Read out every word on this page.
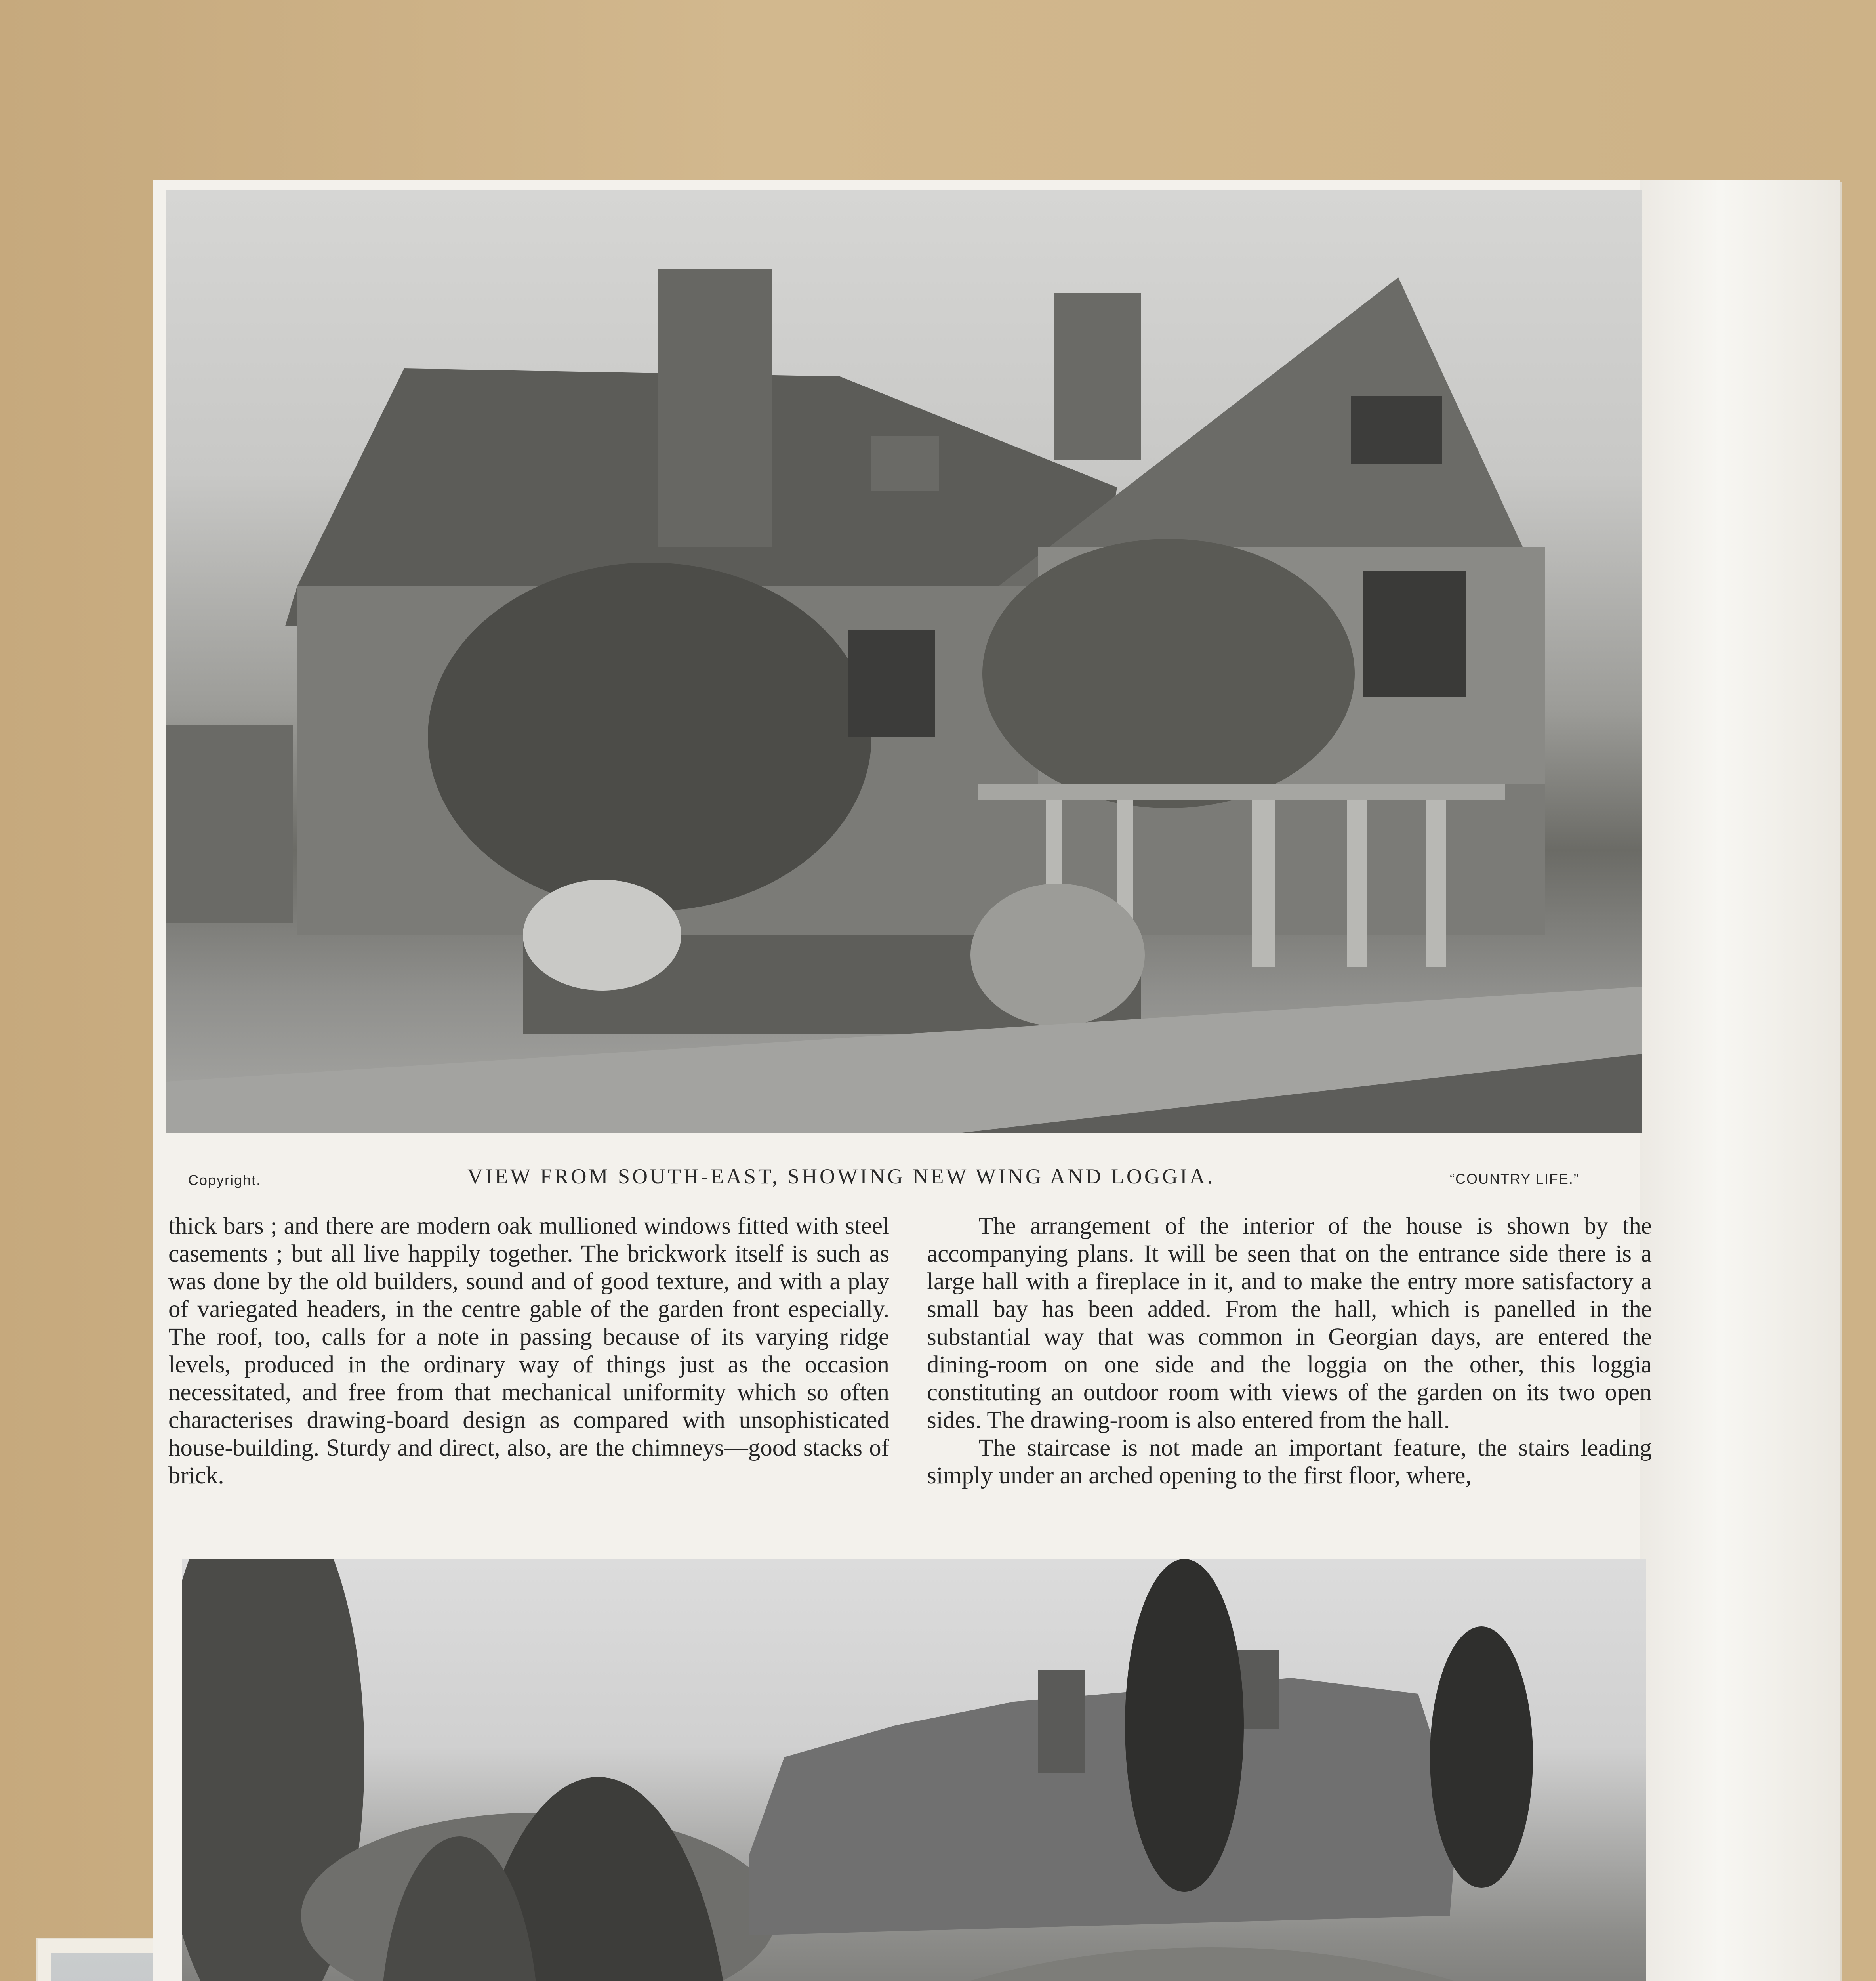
Copyright.	VIEW FROM SOUTH-EAST, SHOWING NEW WING AND LOGGIA.	“COUNTRY LIFE.”

thick bars ; and there are modern oak mullioned windows fitted with steel casements ; but all live happily together. The brickwork itself is such as was done by the old builders, sound and of good texture, and with a play of variegated headers, in the centre gable of the garden front especially. The roof, too, calls for a note in passing because of its varying ridge levels, produced in the ordinary way of things just as the occasion necessitated, and free from that mechanical uniformity which so often characterises drawing-board design as compared with unsophisticated house-building. Sturdy and direct, also, are the chimneys—good stacks of brick.

The arrangement of the interior of the house is shown by the accompanying plans. It will be seen that on the entrance side there is a large hall with a fireplace in it, and to make the entry more satisfactory a small bay has been added. From the hall, which is panelled in the substantial way that was common in Georgian days, are entered the dining-room on one side and the loggia on the other, this loggia constituting an outdoor room with views of the garden on its two open sides. The drawing-room is also entered from the hall.

The staircase is not made an important feature, the stairs leading simply under an arched opening to the first floor, where,
